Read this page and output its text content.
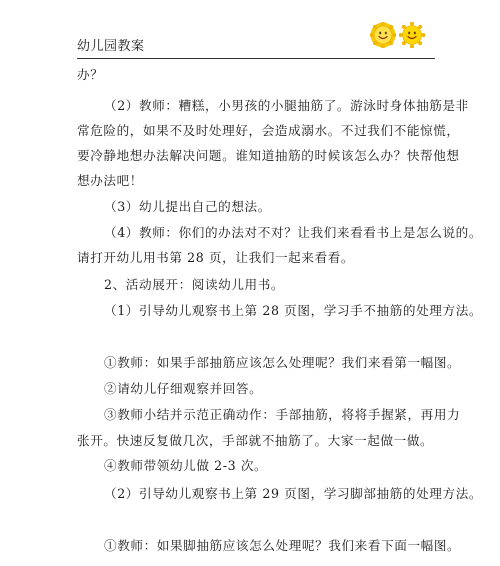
幼儿园教案
办？
（2）教师：糟糕，小男孩的小腿抽筋了。游泳时身体抽筋是非
常危险的，如果不及时处理好，会造成溺水。不过我们不能惊慌，
要冷静地想办法解决问题。谁知道抽筋的时候该怎么办？快帮他想
想办法吧！
（3）幼儿提出自己的想法。
（4）教师：你们的办法对不对？让我们来看看书上是怎么说的。
请打开幼儿用书第 28 页，让我们一起来看看。
2、活动展开：阅读幼儿用书。
（1）引导幼儿观察书上第 28 页图，学习手不抽筋的处理方法。
①教师：如果手部抽筋应该怎么处理呢？我们来看第一幅图。
②请幼儿仔细观察并回答。
③教师小结并示范正确动作：手部抽筋，将将手握紧，再用力
张开。快速反复做几次，手部就不抽筋了。大家一起做一做。
④教师带领幼儿做 2-3 次。
（2）引导幼儿观察书上第 29 页图，学习脚部抽筋的处理方法。
①教师：如果脚抽筋应该怎么处理呢？我们来看下面一幅图。
